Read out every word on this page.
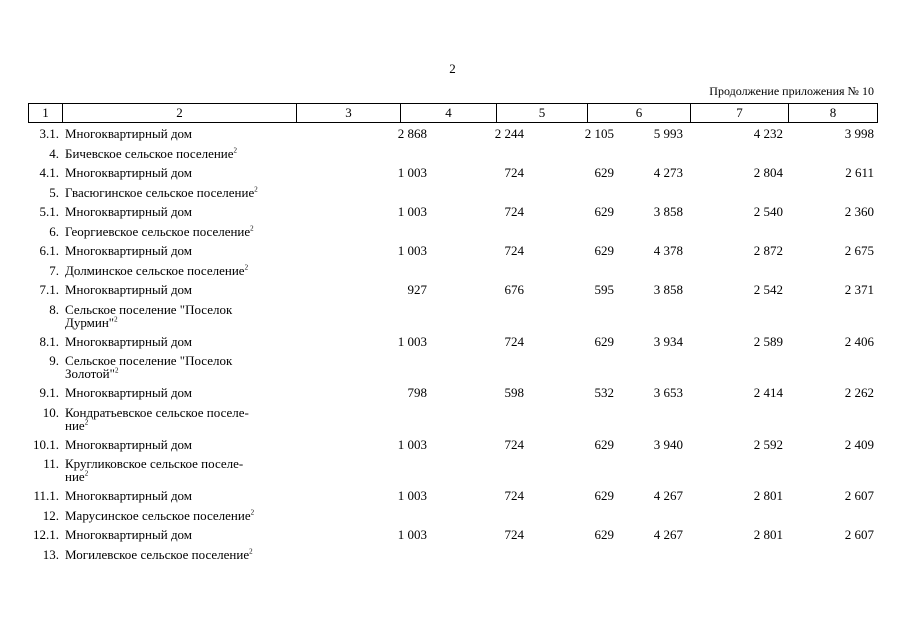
2
Продолжение приложения № 10
1	2	3	4	5	6	7	8
3.1. Многоквартирный дом	2 868	2 244	2 105	5 993	4 232	3 998
4. Бичевское сельское поселение$^2$
4.1. Многоквартирный дом	1 003	724	629	4 273	2 804	2 611
5. Гвасюгинское сельское поселение$^2$
5.1. Многоквартирный дом	1 003	724	629	3 858	2 540	2 360
6. Георгиевское сельское поселение$^2$
6.1. Многоквартирный дом	1 003	724	629	4 378	2 872	2 675
7. Долминское сельское поселение$^2$
7.1. Многоквартирный дом	927	676	595	3 858	2 542	2 371
8. Сельское поселение "Поселок
Дурмин"$^2$
8.1. Многоквартирный дом	1 003	724	629	3 934	2 589	2 406
9. Сельское поселение "Поселок
Золотой"$^2$
9.1. Многоквартирный дом	798	598	532	3 653	2 414	2 262
10. Кондратьевское сельское поселе-
ние$^2$
10.1. Многоквартирный дом	1 003	724	629	3 940	2 592	2 409
11. Кругликовское сельское поселе-
ние$^2$
11.1. Многоквартирный дом	1 003	724	629	4 267	2 801	2 607
12. Марусинское сельское поселение$^2$
12.1. Многоквартирный дом	1 003	724	629	4 267	2 801	2 607
13. Могилевское сельское поселение$^2$
